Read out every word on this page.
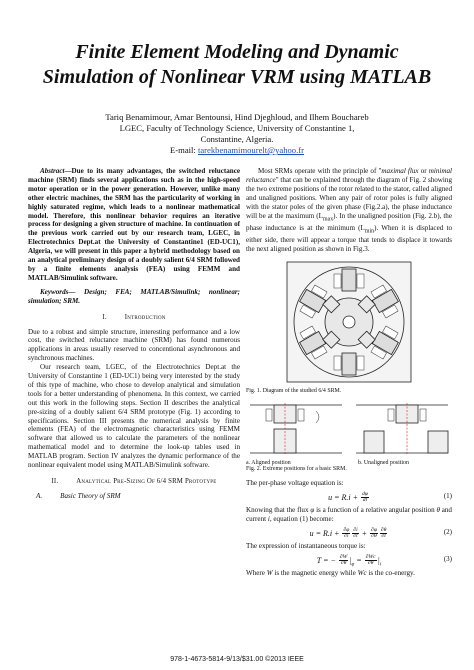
Finite Element Modeling and Dynamic
Simulation of Nonlinear VRM using MATLAB
Tariq Benamimour, Amar Bentounsi, Hind Djeghloud, and Ilhem Bouchareb
LGEC, Faculty of Technology Science, University of Constantine 1,
Constantine, Algeria.
E-mail: tarekbenamimourelt@yahoo.fr

Abstract—Due to its many advantages, the switched reluctance machine (SRM) finds several applications such as in the high-speed motor operation or in the power generation. However, unlike many other electric machines, the SRM has the particularity of working in highly saturated regime, which leads to a nonlinear mathematical model. Therefore, this nonlinear behavior requires an iterative process for designing a given structure of machine. In continuation of the previous work carried out by our research team, LGEC, in Electrotechnics Dept.at the University of Constantine1 (ED-UC1), Algeria, we will present in this paper a hybrid methodology based on an analytical preliminary design of a doubly salient 6/4 SRM followed by a finite elements analysis (FEA) using FEMM and MATLAB/Simulink software.

Keywords— Design; FEA; MATLAB/Simulink; nonlinear; simulation; SRM.

I.	Introduction

Due to a robust and simple structure, interesting performance and a low cost, the switched reluctance machine (SRM) has found numerous applications in areas usually reserved to concentional asynchronous and synchronous machines.

Our research team, LGEC, of the Electrotechnics Dept.at the University of Constantine 1 (ED-UC1) being very interested by the study of this type of machine, who chose to develop analytical and simulation tools for a better understanding of phenomena. In this context, we carried out this work in the following steps. Section II describes the analytical pre-sizing of a doubly salient 6/4 SRM prototype (Fig. 1) according to specifications. Section III presents the numerical analysis by finite elements (FEA) of the electromagnetic characteristics using FEMM software that allowed us to calculate the parameters of the nonlinear mathematical model and to determine the look-up tables used in MATLAB program. Section IV analyzes the dynamic performance of the nonlinear equivalent model using MATLAB/Simulink software.

II.	Analytical Pre-Sizing Of 6/4 SRM Prototype
A.	Basic Theory of SRM

Most SRMs operate with the principle of "maximal flux or minimal reluctance" that can be explained through the diagram of Fig. 2 showing the two extreme positions of the rotor related to the stator, called aligned and unaligned positions. When any pair of rotor poles is fully aligned with the stator poles of the given phase (Fig.2.a), the phase inductance will be at the maximum $(L_{max})$. In the unaligned position (Fig. 2.b), the phase inductance is at the minimum $(L_{min})$. When it is displaced to either side, there will appear a torque that tends to displace it towards the next aligned position as shown in Fig.3.

Fig. 1. Diagram of the studied 6/4 SRM.
a. Aligned position	b. Unaligned position
Fig. 2. Extreme positions for a basic SRM.

The per-phase voltage equation is:

$u = R.i + \frac{d\varphi}{dt}$	(1)

Knowing that the flux φ is a function of a relative angular position θ and current i, equation (1) become:

$u = R.i + \frac{\partial\varphi}{\partial i} \frac{\partial i}{\partial t} + \frac{\partial\varphi}{\partial\theta} \frac{\partial\theta}{\partial t}$	(2)

The expression of instantaneous torque is:

T = − $\frac{\partial W}{\partial\theta} |_\varphi = \frac{\partial Wc}{\partial\theta} |_i$
(3)

Where W is the magnetic energy while Wc is the co-energy.

978-1-4673-5814-9/13/$31.00 ©2013 IEEE
